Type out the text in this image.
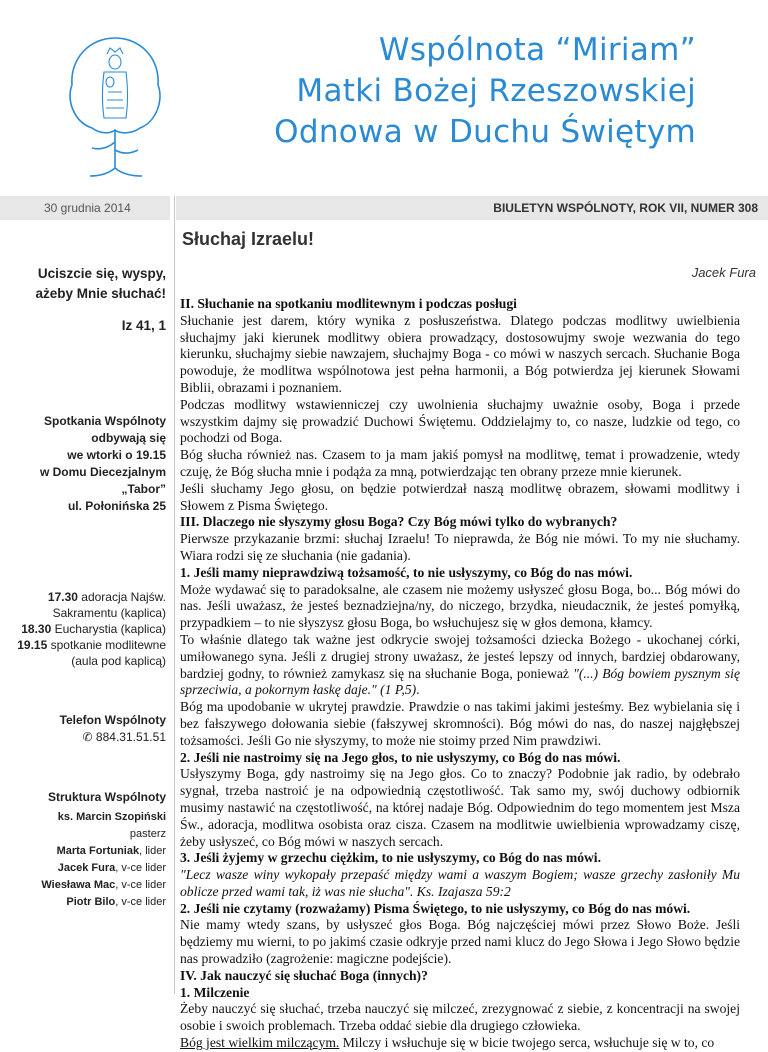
Wspólnota “Miriam”
Matki Bożej Rzeszowskiej
Odnowa w Duchu Świętym
30 grudnia 2014	BIULETYN WSPÓLNOTY, ROK VII, NUMER 308
Uciszcie się, wyspy,
ażeby Mnie słuchać!
Iz 41, 1
Spotkania Wspólnoty
odbywają się
we wtorki o 19.15
w Domu Diecezjalnym
„Tabor”
ul. Połonińska 25
17.30 adoracja Najśw. Sakramentu (kaplica)
18.30 Eucharystia (kaplica)
19.15 spotkanie modlitewne (aula pod kaplicą)
Telefon Wspólnoty
✆ 884.31.51.51
Struktura Wspólnoty
ks. Marcin Szopiński
pasterz
Marta Fortuniak, lider
Jacek Fura, v-ce lider
Wiesława Mac, v-ce lider
Piotr Bilo, v-ce lider
Słuchaj Izraelu!
Jacek Fura

II. Słuchanie na spotkaniu modlitewnym i podczas posługi

Słuchanie jest darem, który wynika z posłuszeństwa. Dlatego podczas modlitwy uwielbienia słuchajmy jaki kierunek modlitwy obiera prowadzący, dostosowujmy swoje wezwania do tego kierunku, słuchajmy siebie nawzajem, słuchajmy Boga - co mówi w naszych sercach. Słuchanie Boga powoduje, że modlitwa wspólnotowa jest pełna harmonii, a Bóg potwierdza jej kierunek Słowami Biblii, obrazami i poznaniem.

Podczas modlitwy wstawienniczej czy uwolnienia słuchajmy uważnie osoby, Boga i przede wszystkim dajmy się prowadzić Duchowi Świętemu. Oddzielajmy to, co nasze, ludzkie od tego, co pochodzi od Boga.

Bóg słucha również nas. Czasem to ja mam jakiś pomysł na modlitwę, temat i prowadzenie, wtedy czuję, że Bóg słucha mnie i podąża za mną, potwierdzając ten obrany przeze mnie kierunek.

Jeśli słuchamy Jego głosu, on będzie potwierdzał naszą modlitwę obrazem, słowami modlitwy i Słowem z Pisma Świętego.

III. Dlaczego nie słyszymy głosu Boga? Czy Bóg mówi tylko do wybranych?

Pierwsze przykazanie brzmi: słuchaj Izraelu! To nieprawda, że Bóg nie mówi. To my nie słuchamy. Wiara rodzi się ze słuchania (nie gadania).

1. Jeśli mamy nieprawdziwą tożsamość, to nie usłyszymy, co Bóg do nas mówi.

Może wydawać się to paradoksalne, ale czasem nie możemy usłyszeć głosu Boga, bo... Bóg mówi do nas. Jeśli uważasz, że jesteś beznadziejna/ny, do niczego, brzydka, nieudacznik, że jesteś pomyłką, przypadkiem – to nie słyszysz głosu Boga, bo wsłuchujesz się w głos demona, kłamcy.

To właśnie dlatego tak ważne jest odkrycie swojej tożsamości dziecka Bożego - ukochanej córki, umiłowanego syna. Jeśli z drugiej strony uważasz, że jesteś lepszy od innych, bardziej obdarowany, bardziej godny, to również zamykasz się na słuchanie Boga, ponieważ "(...) Bóg bowiem pysznym się sprzeciwia, a pokornym łaskę daje." (1 P,5).

Bóg ma upodobanie w ukrytej prawdzie. Prawdzie o nas takimi jakimi jesteśmy. Bez wybielania się i bez fałszywego dołowania siebie (fałszywej skromności). Bóg mówi do nas, do naszej najgłębszej tożsamości. Jeśli Go nie słyszymy, to może nie stoimy przed Nim prawdziwi.

2. Jeśli nie nastroimy się na Jego głos, to nie usłyszymy, co Bóg do nas mówi.

Usłyszymy Boga, gdy nastroimy się na Jego głos. Co to znaczy? Podobnie jak radio, by odebrało sygnał, trzeba nastroić je na odpowiednią częstotliwość. Tak samo my, swój duchowy odbiornik musimy nastawić na częstotliwość, na której nadaje Bóg. Odpowiednim do tego momentem jest Msza Św., adoracja, modlitwa osobista oraz cisza. Czasem na modlitwie uwielbienia wprowadzamy ciszę, żeby usłyszeć, co Bóg mówi w naszych sercach.

3. Jeśli żyjemy w grzechu ciężkim, to nie usłyszymy, co Bóg do nas mówi.

"Lecz wasze winy wykopały przepaść między wami a waszym Bogiem; wasze grzechy zasłoniły Mu oblicze przed wami tak, iż was nie słucha". Ks. Izajasza 59:2

2. Jeśli nie czytamy (rozważamy) Pisma Świętego, to nie usłyszymy, co Bóg do nas mówi.

Nie mamy wtedy szans, by usłyszeć głos Boga. Bóg najczęściej mówi przez Słowo Boże. Jeśli będziemy mu wierni, to po jakimś czasie odkryje przed nami klucz do Jego Słowa i Jego Słowo będzie nas prowadziło (zagrożenie: magiczne podejście).

IV. Jak nauczyć się słuchać Boga (innych)?

1. Milczenie

Żeby nauczyć się słuchać, trzeba nauczyć się milczeć, zrezygnować z siebie, z koncentracji na swojej osobie i swoich problemach. Trzeba oddać siebie dla drugiego człowieka.

Bóg jest wielkim milczącym. Milczy i wsłuchuje się w bicie twojego serca, wsłuchuje się w to, co
